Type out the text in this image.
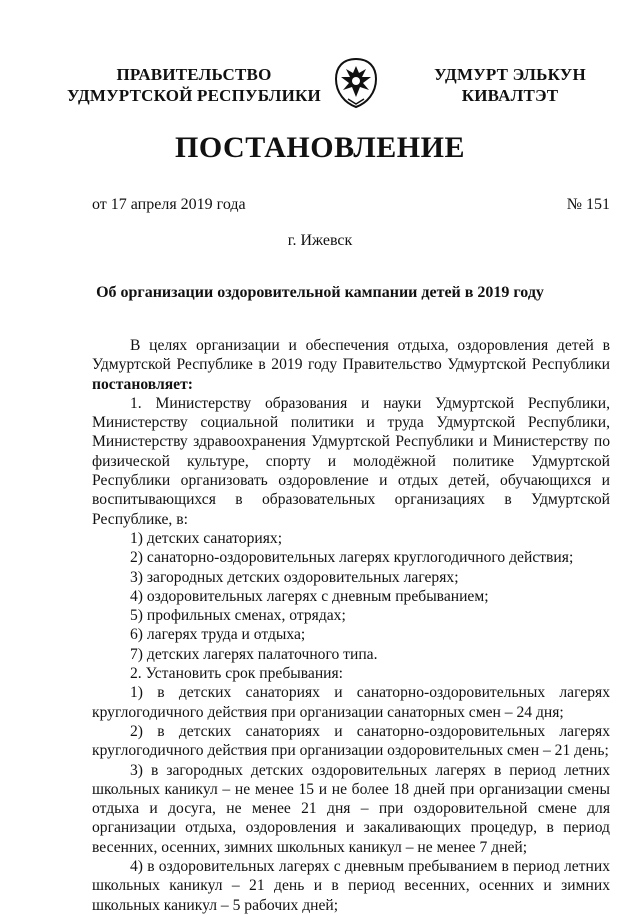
ПРАВИТЕЛЬСТВО
УДМУРТСКОЙ РЕСПУБЛИКИ
УДМУРТ ЭЛЬКУН
КИВАЛТЭТ
ПОСТАНОВЛЕНИЕ
от 17 апреля 2019 года	№ 151
г. Ижевск
Об организации оздоровительной кампании детей в 2019 году

В целях организации и обеспечения отдыха, оздоровления детей в Удмуртской Республике в 2019 году Правительство Удмуртской Республики постановляет:

1. Министерству образования и науки Удмуртской Республики, Министерству социальной политики и труда Удмуртской Республики, Министерству здравоохранения Удмуртской Республики и Министерству по физической культуре, спорту и молодёжной политике Удмуртской Республики организовать оздоровление и отдых детей, обучающихся и воспитывающихся в образовательных организациях в Удмуртской Республике, в:

1) детских санаториях;

2) санаторно-оздоровительных лагерях круглогодичного действия;

3) загородных детских оздоровительных лагерях;

4) оздоровительных лагерях с дневным пребыванием;

5) профильных сменах, отрядах;

6) лагерях труда и отдыха;

7) детских лагерях палаточного типа.

2. Установить срок пребывания:

1) в детских санаториях и санаторно-оздоровительных лагерях круглогодичного действия при организации санаторных смен – 24 дня;

2) в детских санаториях и санаторно-оздоровительных лагерях круглогодичного действия при организации оздоровительных смен – 21 день;

3) в загородных детских оздоровительных лагерях в период летних школьных каникул – не менее 15 и не более 18 дней при организации смены отдыха и досуга, не менее 21 дня – при оздоровительной смене для организации отдыха, оздоровления и закаливающих процедур, в период весенних, осенних, зимних школьных каникул – не менее 7 дней;

4) в оздоровительных лагерях с дневным пребыванием в период летних школьных каникул – 21 день и в период весенних, осенних и зимних школьных каникул – 5 рабочих дней;
